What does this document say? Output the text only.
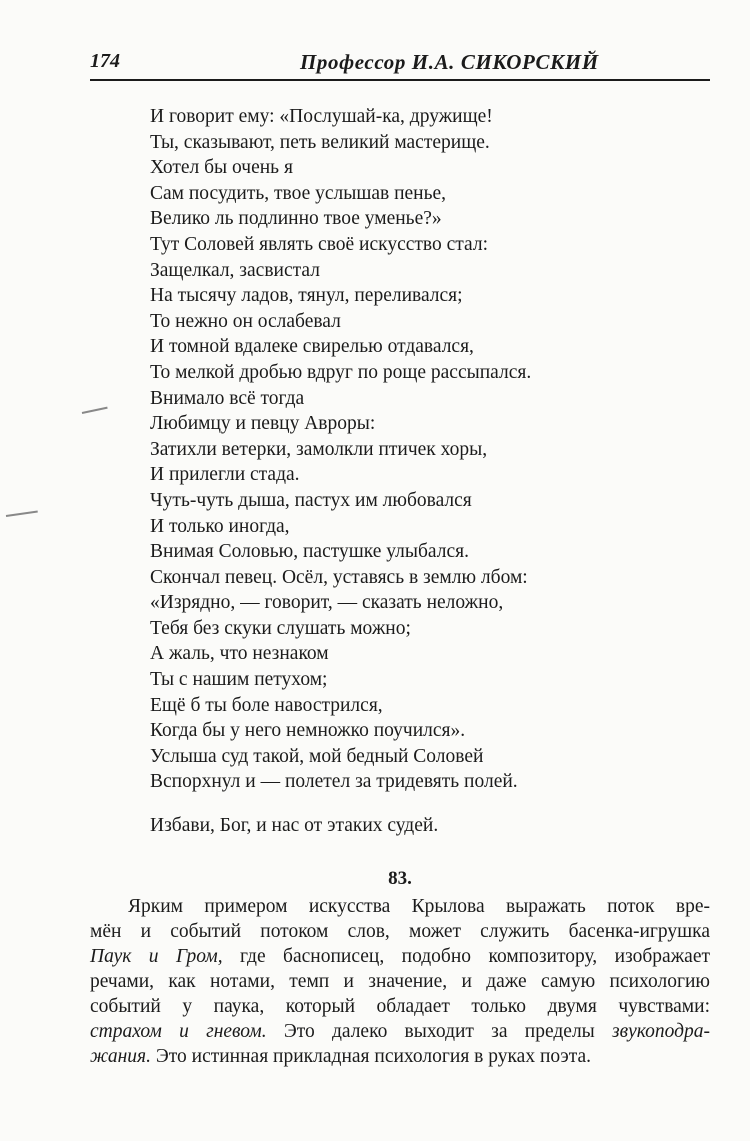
174	Профессор И.А. СИКОРСКИЙ
И говорит ему: «Послушай-ка, дружище!
Ты, сказывают, петь великий мастерище.
Хотел бы очень я
Сам посудить, твое услышав пенье,
Велико ль подлинно твое уменье?»
Тут Соловей являть своё искусство стал:
Защелкал, засвистал
На тысячу ладов, тянул, переливался;
То нежно он ослабевал
И томной вдалеке свирелью отдавался,
То мелкой дробью вдруг по роще рассыпался.
Внимало всё тогда
Любимцу и певцу Авроры:
Затихли ветерки, замолкли птичек хоры,
И прилегли стада.
Чуть-чуть дыша, пастух им любовался
И только иногда,
Внимая Соловью, пастушке улыбался.
Скончал певец. Осёл, уставясь в землю лбом:
«Изрядно, — говорит, — сказать неложно,
Тебя без скуки слушать можно;
А жаль, что незнаком
Ты с нашим петухом;
Ещё б ты боле навострился,
Когда бы у него немножко поучился».
Услыша суд такой, мой бедный Соловей
Вспорхнул и — полетел за тридевять полей.
Избави, Бог, и нас от этаких судей.
83.
Ярким примером искусства Крылова выражать поток вре-
мён и событий потоком слов, может служить басенка-игрушка
Паук и Гром, где баснописец, подобно композитору, изображает
речами, как нотами, темп и значение, и даже самую психологию
событий у паука, который обладает только двумя чувствами:
страхом и гневом. Это далеко выходит за пределы звукоподра-
жания. Это истинная прикладная психология в руках поэта.
